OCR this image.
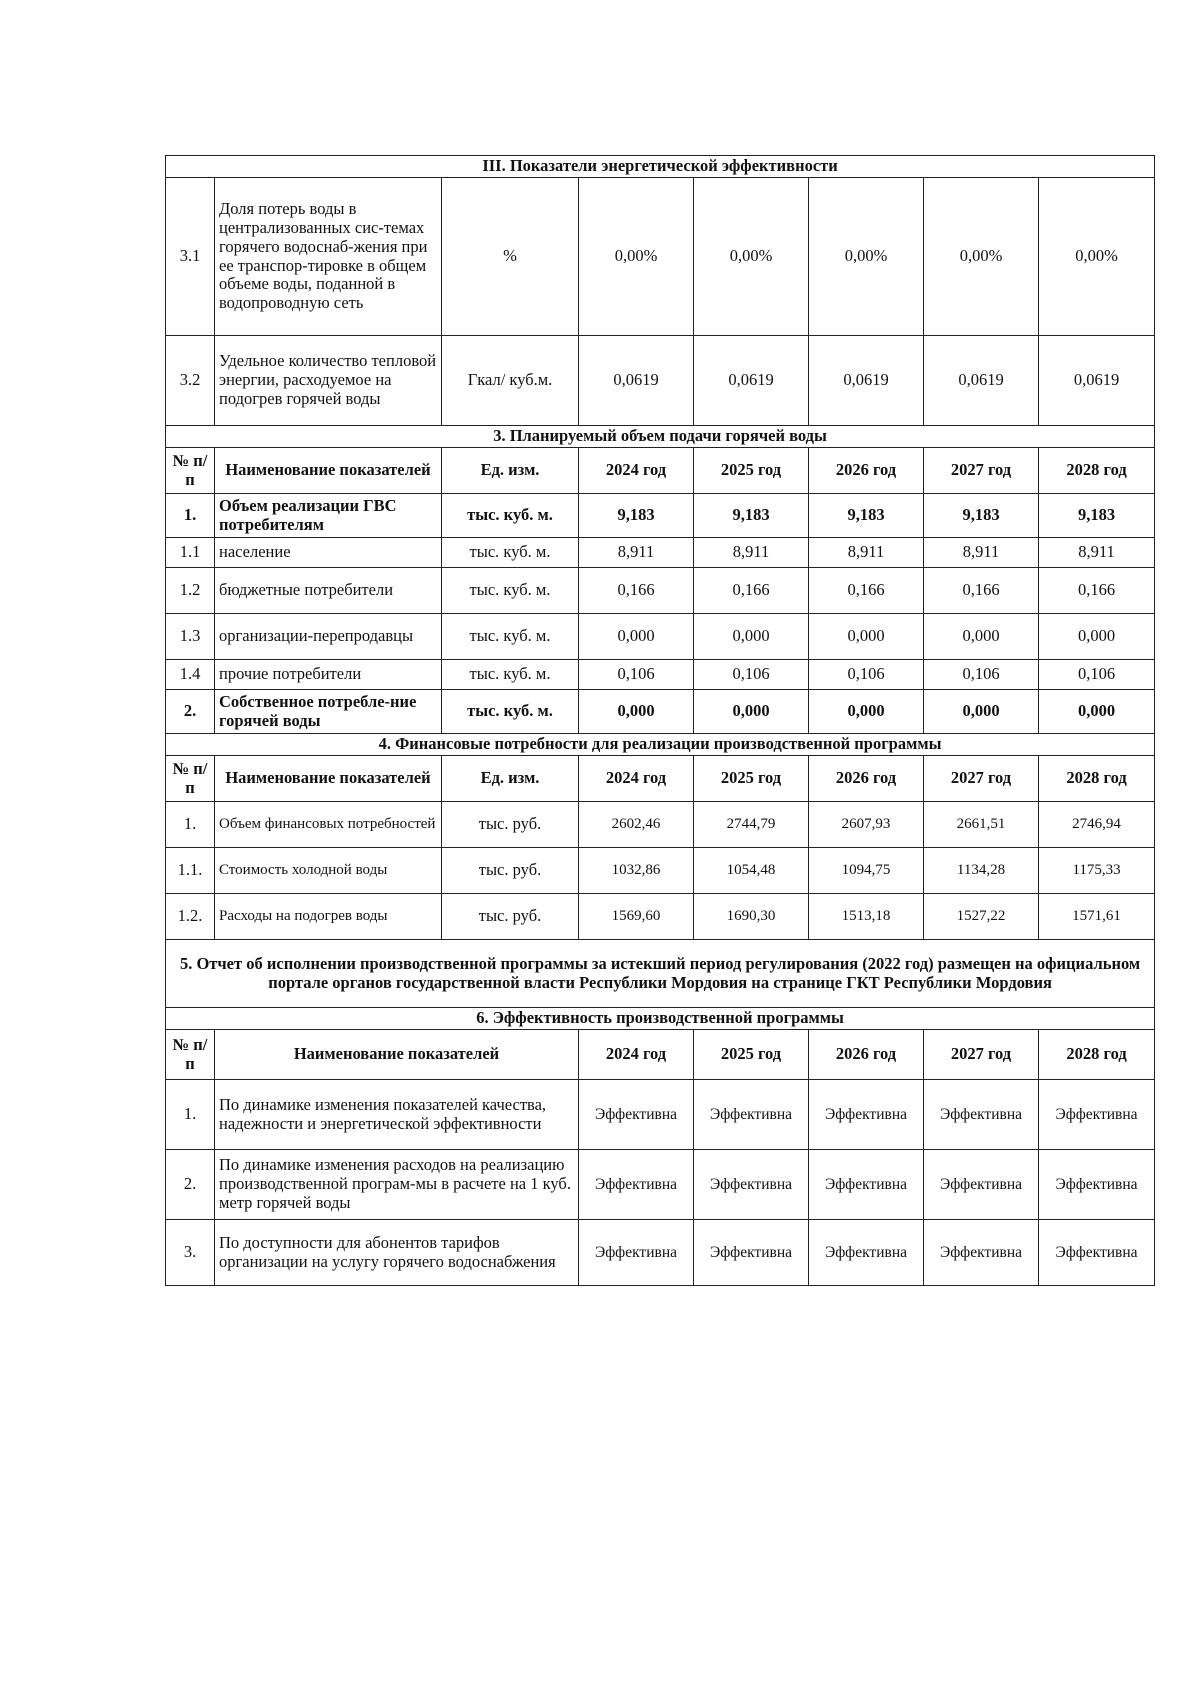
III. Показатели энергетической эффективности							
3.1	Доля потерь воды в централизованных сис-темах горячего водоснаб-жения при ее транспор-тировке в общем объеме воды, поданной в водопроводную сеть	%	0,00%	0,00%	0,00%	0,00%	0,00%
3.2	Удельное количество тепловой энергии, расходуемое на подогрев горячей воды	Гкал/ куб.м.	0,0619	0,0619	0,0619	0,0619	0,0619
3. Планируемый объем подачи горячей воды							
№ п/п	Наименование показателей	Ед. изм.	2024 год	2025 год	2026 год	2027 год	2028 год
1.	Объем реализации ГВС потребителям	тыс. куб. м.	9,183	9,183	9,183	9,183	9,183
1.1	население	тыс. куб. м.	8,911	8,911	8,911	8,911	8,911
1.2	бюджетные потребители	тыс. куб. м.	0,166	0,166	0,166	0,166	0,166
1.3	организации-перепродавцы	тыс. куб. м.	0,000	0,000	0,000	0,000	0,000
1.4	прочие потребители	тыс. куб. м.	0,106	0,106	0,106	0,106	0,106
2.	Собственное потребле-ние горячей воды	тыс. куб. м.	0,000	0,000	0,000	0,000	0,000
4. Финансовые потребности для реализации производственной программы							
№ п/п	Наименование показателей	Ед. изм.	2024 год	2025 год	2026 год	2027 год	2028 год
1.	Объем финансовых потребностей	тыс. руб.	2602,46	2744,79	2607,93	2661,51	2746,94
1.1.	Стоимость холодной воды	тыс. руб.	1032,86	1054,48	1094,75	1134,28	1175,33
1.2.	Расходы на подогрев воды	тыс. руб.	1569,60	1690,30	1513,18	1527,22	1571,61
5. Отчет об исполнении производственной программы за истекший период регулирования (2022 год) размещен на официальном портале органов государственной власти Республики Мордовия на странице ГКТ Республики Мордовия							
6. Эффективность производственной программы							
№ п/п	Наименование показателей		2024 год	2025 год	2026 год	2027 год	2028 год
1.	По динамике изменения показателей качества, надежности и энергетической эффективности		Эффективна	Эффективна	Эффективна	Эффективна	Эффективна
2.	По динамике изменения расходов на реализацию производственной програм-мы в расчете на 1 куб. метр горячей воды		Эффективна	Эффективна	Эффективна	Эффективна	Эффективна
3.	По доступности для абонентов тарифов организации на услугу горячего водоснабжения		Эффективна	Эффективна	Эффективна	Эффективна	Эффективна
